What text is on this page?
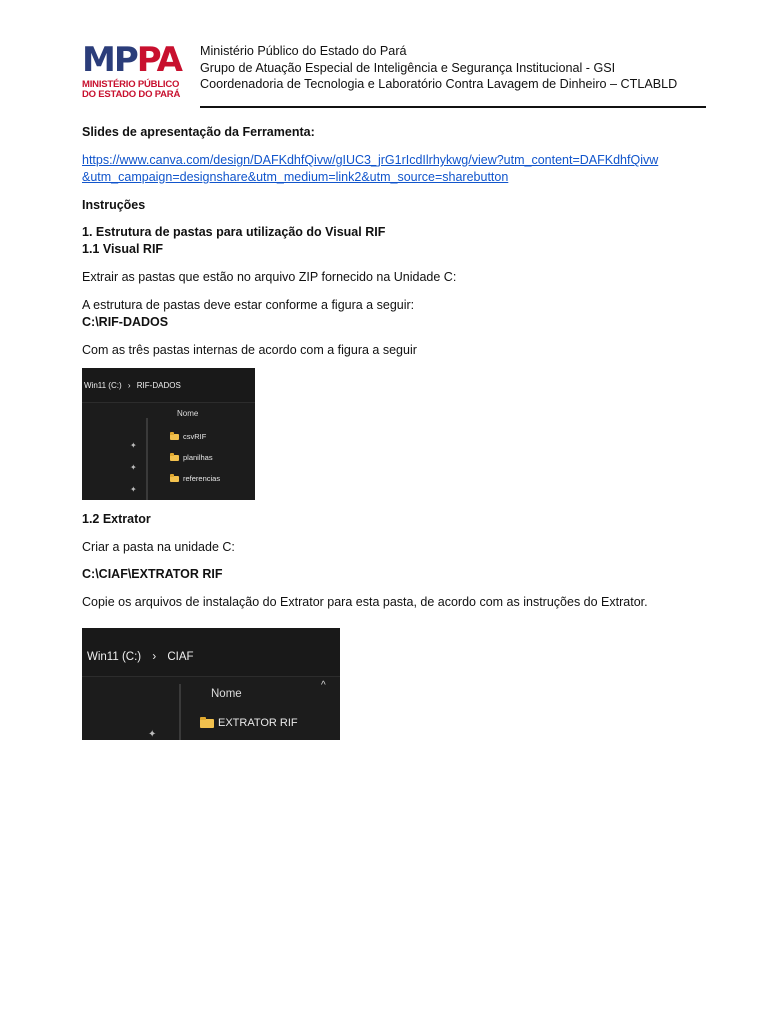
MPPA
MINISTÉRIO PÚBLICO
DO ESTADO DO PARÁ
Ministério Público do Estado do Pará
Grupo de Atuação Especial de Inteligência e Segurança Institucional - GSI
Coordenadoria de Tecnologia e Laboratório Contra Lavagem de Dinheiro – CTLABLD
Slides de apresentação da Ferramenta:
https://www.canva.com/design/DAFKdhfQivw/gIUC3_jrG1rIcdIlrhykwg/view?utm_content=DAFKdhfQivw
&utm_campaign=designshare&utm_medium=link2&utm_source=sharebutton
Instruções
1. Estrutura de pastas para utilização do Visual RIF
1.1 Visual RIF
Extrair as pastas que estão no arquivo ZIP fornecido na Unidade C:
A estrutura de pastas deve estar conforme a figura a seguir:
C:\RIF-DADOS
Com as três pastas internas de acordo com a figura a seguir
Win11 (C:) › RIF-DADOS
Nome
✦
✦
✦
csvRIF
planilhas
referencias
1.2 Extrator
Criar a pasta na unidade C:
C:\CIAF\EXTRATOR RIF
Copie os arquivos de instalação do Extrator para esta pasta, de acordo com as instruções do Extrator.
Win11 (C:) › CIAF
Nome
^
✦
EXTRATOR RIF
